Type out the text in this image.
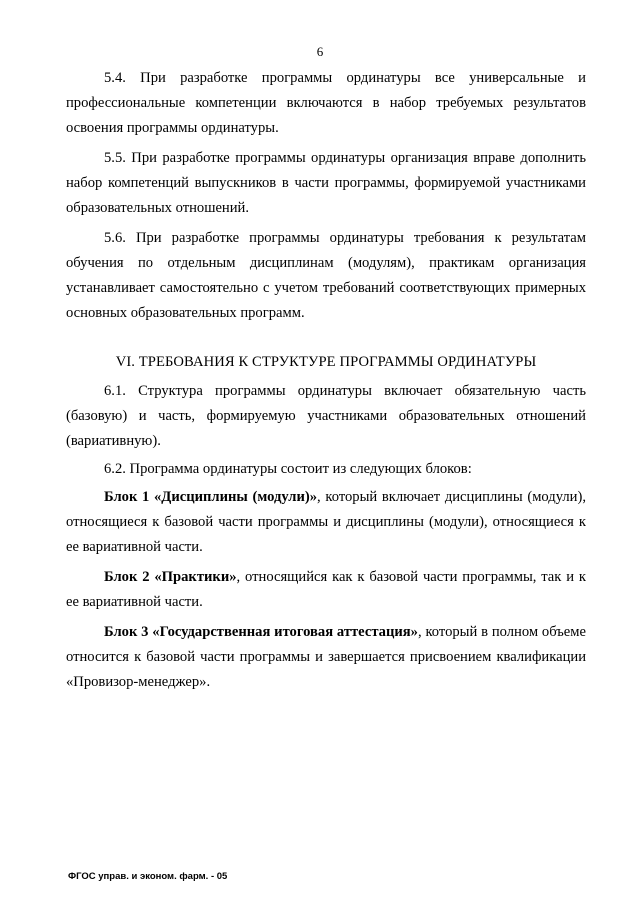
6

5.4. При разработке программы ординатуры все универсальные и профессиональные компетенции включаются в набор требуемых результатов освоения программы ординатуры.

5.5. При разработке программы ординатуры организация вправе дополнить набор компетенций выпускников в части программы, формируемой участниками образовательных отношений.

5.6. При разработке программы ординатуры требования к результатам обучения по отдельным дисциплинам (модулям), практикам организация устанавливает самостоятельно с учетом требований соответствующих примерных основных образовательных программ.

VI. ТРЕБОВАНИЯ К СТРУКТУРЕ ПРОГРАММЫ ОРДИНАТУРЫ

6.1. Структура программы ординатуры включает обязательную часть (базовую) и часть, формируемую участниками образовательных отношений (вариативную).

6.2. Программа ординатуры состоит из следующих блоков:

Блок 1 «Дисциплины (модули)», который включает дисциплины (модули), относящиеся к базовой части программы и дисциплины (модули), относящиеся к ее вариативной части.

Блок 2 «Практики», относящийся как к базовой части программы, так и к ее вариативной части.

Блок 3 «Государственная итоговая аттестация», который в полном объеме относится к базовой части программы и завершается присвоением квалификации «Провизор-менеджер».

ФГОС управ. и эконом. фарм. - 05
